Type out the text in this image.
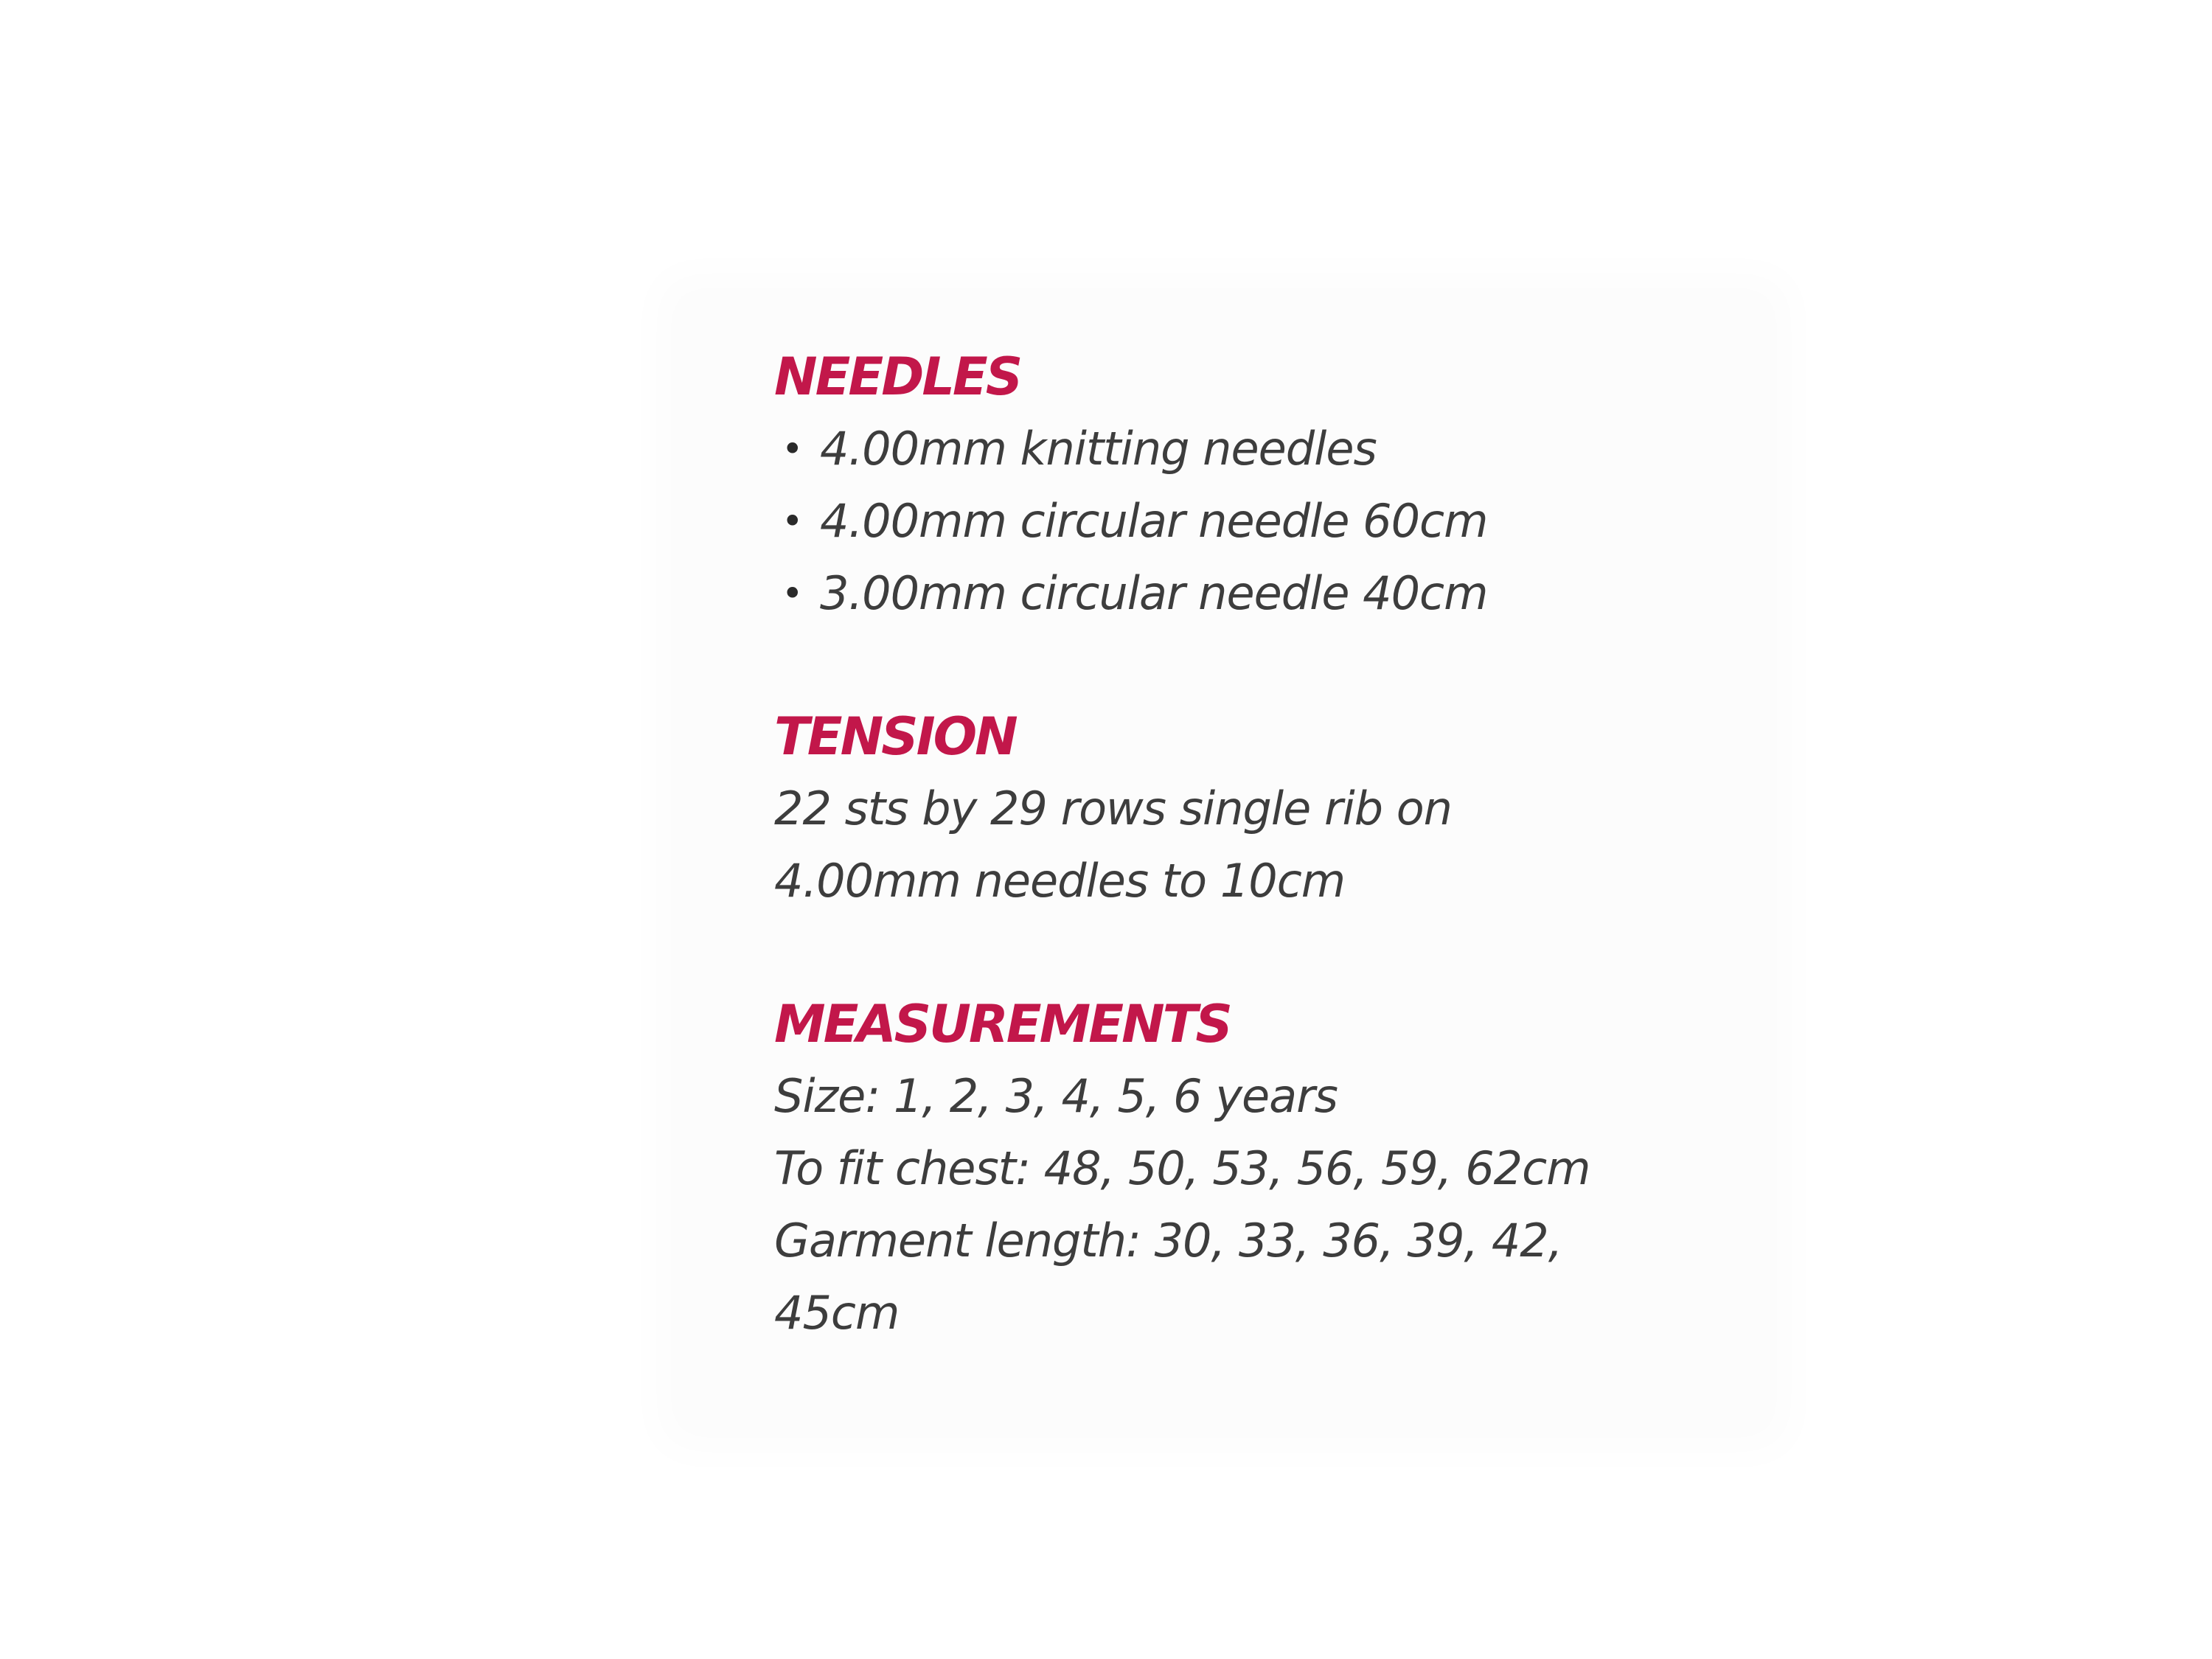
NEEDLES
• 4.00mm knitting needles
• 4.00mm circular needle 60cm
• 3.00mm circular needle 40cm
TENSION

22 sts by 29 rows single rib on

4.00mm needles to 10cm

MEASUREMENTS

Size: 1, 2, 3, 4, 5, 6 years

To fit chest: 48, 50, 53, 56, 59, 62cm

Garment length: 30, 33, 36, 39, 42,

45cm
